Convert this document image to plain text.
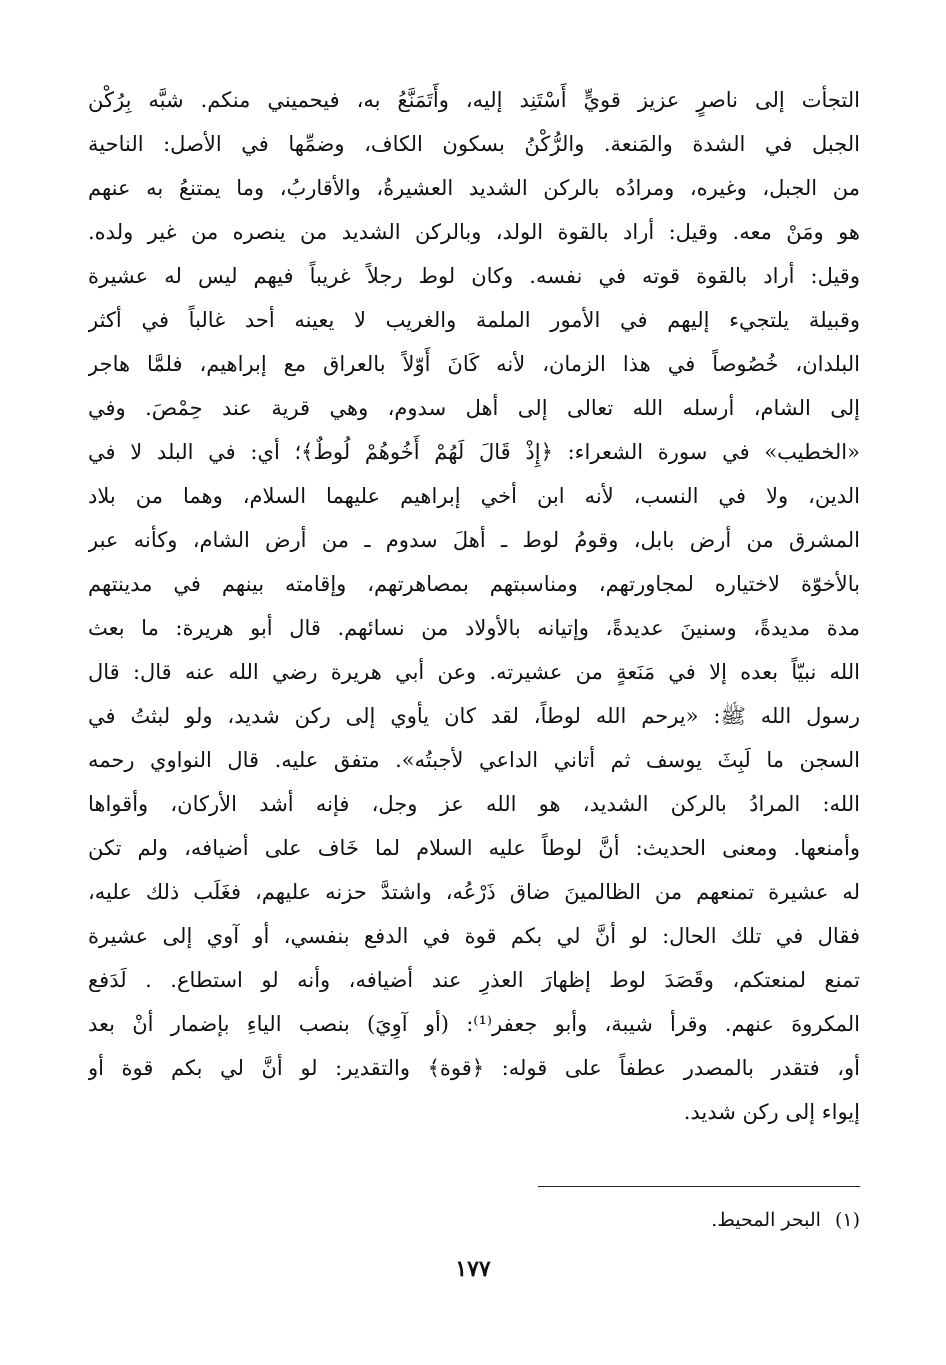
التجأت إلى ناصرٍ عزيز قويٍّ أَسْتَنِد إليه، وأَتَمَنَّعُ به، فيحميني منكم. شبَّه بِرُكْن
الجبل في الشدة والمَنعة. والرُّكْنُ بسكون الكاف، وضمِّها في الأصل: الناحية
من الجبل، وغيره، ومرادُه بالركن الشديد العشيرةُ، والأقاربُ، وما يمتنعُ به عنهم
هو ومَنْ معه. وقيل: أراد بالقوة الولد، وبالركن الشديد من ينصره من غير ولده.
وقيل: أراد بالقوة قوته في نفسه. وكان لوط رجلاً غريباً فيهم ليس له عشيرة
وقبيلة يلتجيء إليهم في الأمور الملمة والغريب لا يعينه أحد غالباً في أكثر
البلدان، خُصُوصاً في هذا الزمان، لأنه كَانَ أَوّلاً بالعراق مع إبراهيم، فلمَّا هاجر
إلى الشام، أرسله الله تعالى إلى أهل سدوم، وهي قرية عند حِمْصَ. وفي
«الخطيب» في سورة الشعراء: ﴿إِذْ قَالَ لَهُمْ أَخُوهُمْ لُوطٌ﴾؛ أي: في البلد لا في
الدين، ولا في النسب، لأنه ابن أخي إبراهيم عليهما السلام، وهما من بلاد
المشرق من أرض بابل، وقومُ لوط ـ أهلَ سدوم ـ من أرض الشام، وكأنه عبر
بالأخوّة لاختياره لمجاورتهم، ومناسبتهم بمصاهرتهم، وإقامته بينهم في مدينتهم
مدة مديدةً، وسنينَ عديدةً، وإتيانه بالأولاد من نسائهم. قال أبو هريرة: ما بعث
الله نبيّاً بعده إلا في مَنَعةٍ من عشيرته. وعن أبي هريرة رضي الله عنه قال: قال
رسول الله ﷺ: «يرحم الله لوطاً، لقد كان يأوي إلى ركن شديد، ولو لبثتُ في
السجن ما لَبِثَ يوسف ثم أتاني الداعي لأجبتُه». متفق عليه. قال النواوي رحمه
الله: المرادُ بالركن الشديد، هو الله عز وجل، فإنه أشد الأركان، وأقواها
وأمنعها. ومعنى الحديث: أنَّ لوطاً عليه السلام لما خَاف على أضيافه، ولم تكن
له عشيرة تمنعهم من الظالمينَ ضاق ذَرْعُه، واشتدَّ حزنه عليهم، فغَلَب ذلك عليه،
فقال في تلك الحال: لو أنَّ لي بكم قوة في الدفع بنفسي، أو آوي إلى عشيرة
تمنع لمنعتكم، وقَصَدَ لوط إظهارَ العذرِ عند أضيافه، وأنه لو استطاع. . لَدَفع
المكروهَ عنهم. وقرأ شيبة، وأبو جعفر⁽¹⁾: (أو آوِيَ) بنصب الياءِ بإضمار أنْ بعد
أو، فتقدر بالمصدر عطفاً على قوله: ﴿قوة﴾ والتقدير: لو أنَّ لي بكم قوة أو
إيواء إلى ركن شديد.
(١)البحر المحيط.
١٧٧
